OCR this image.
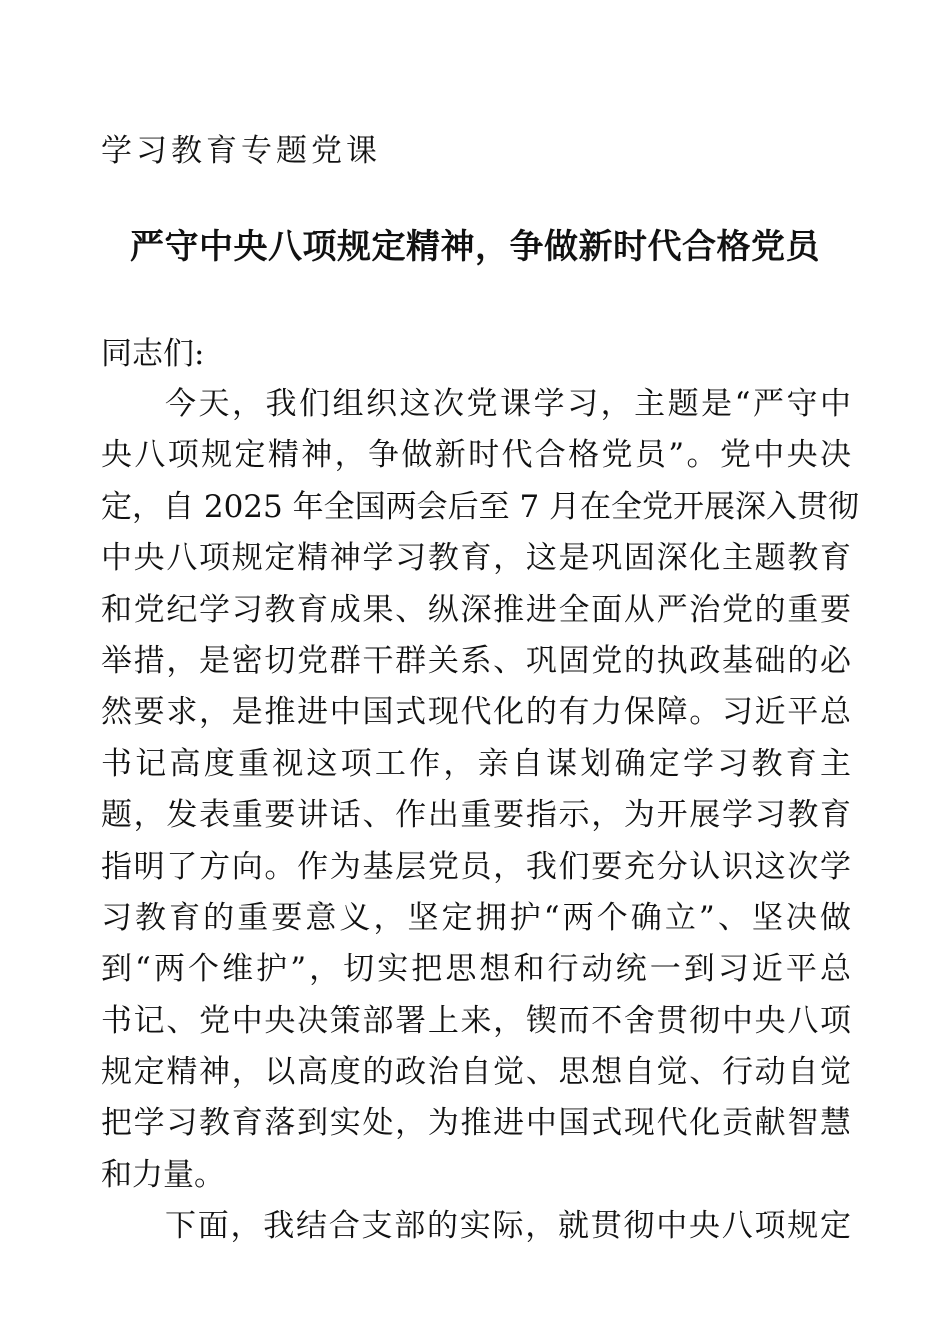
学习教育专题党课
严守中央八项规定精神，争做新时代合格党员
同志们:
今天，我们组织这次党课学习，主题是“严守中
央八项规定精神，争做新时代合格党员”。党中央决
定，自 2025 年全国两会后至 7 月在全党开展深入贯彻
中央八项规定精神学习教育，这是巩固深化主题教育
和党纪学习教育成果、纵深推进全面从严治党的重要
举措，是密切党群干群关系、巩固党的执政基础的必
然要求，是推进中国式现代化的有力保障。习近平总
书记高度重视这项工作，亲自谋划确定学习教育主
题，发表重要讲话、作出重要指示，为开展学习教育
指明了方向。作为基层党员，我们要充分认识这次学
习教育的重要意义，坚定拥护“两个确立”、坚决做
到“两个维护”，切实把思想和行动统一到习近平总
书记、党中央决策部署上来，锲而不舍贯彻中央八项
规定精神，以高度的政治自觉、思想自觉、行动自觉
把学习教育落到实处，为推进中国式现代化贡献智慧
和力量。
下面，我结合支部的实际，就贯彻中央八项规定
